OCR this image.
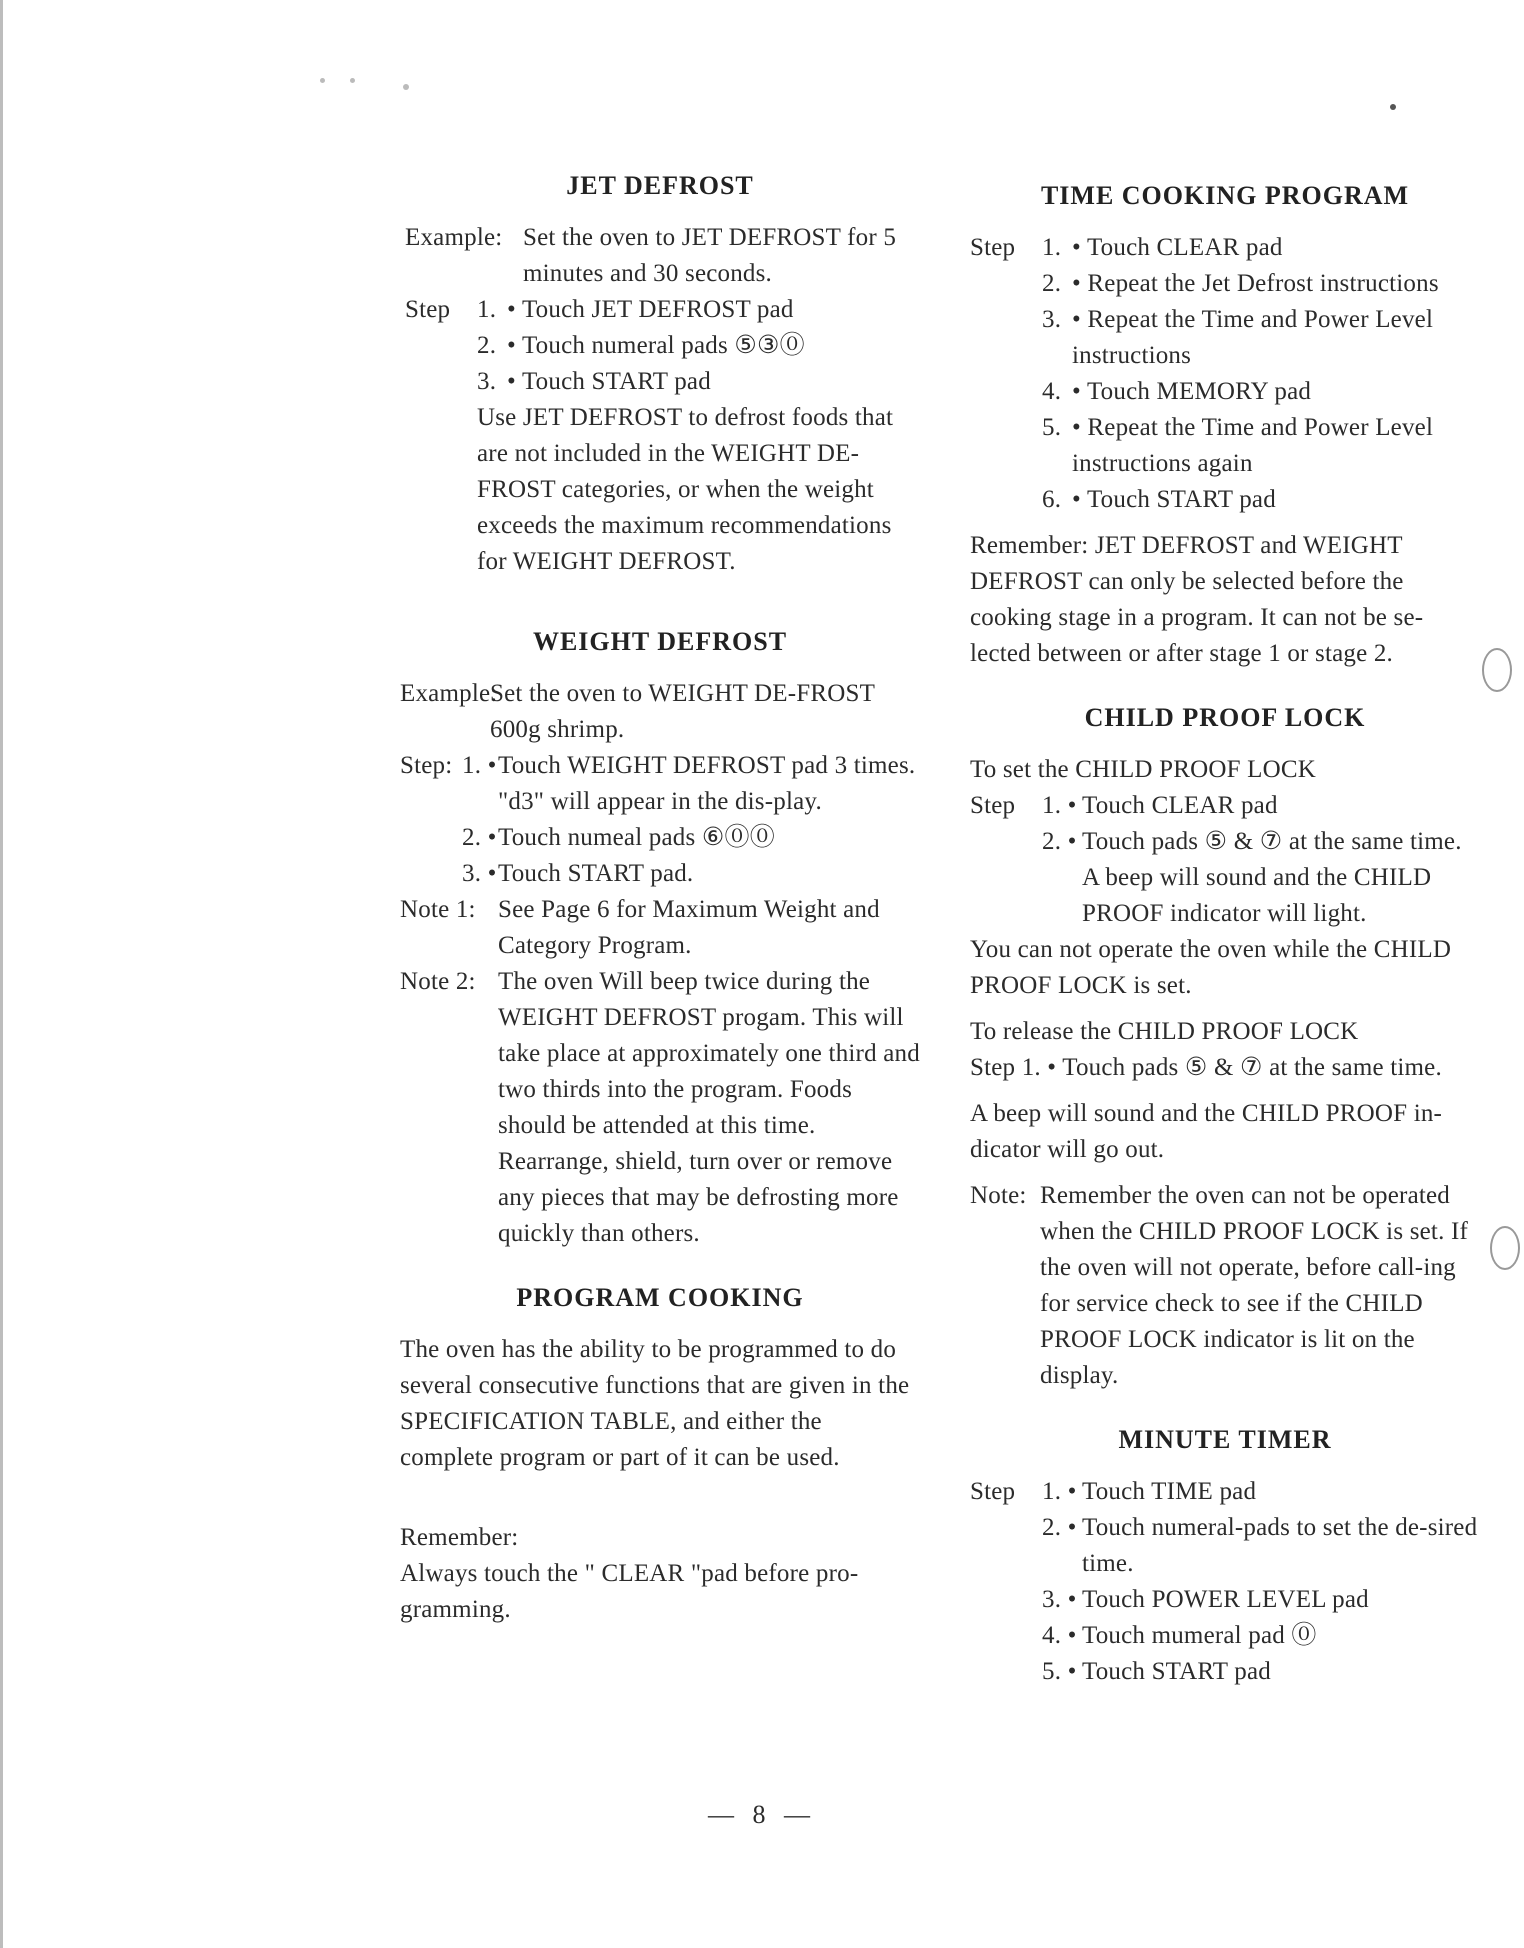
JET DEFROST
Example: Set the oven to JET DEFROST for 5 minutes and 30 seconds.
Step	1. • Touch JET DEFROST pad
2. • Touch numeral pads ⑤③⓪
3. • Touch START pad

Use JET DEFROST to defrost foods that are not included in the WEIGHT DE-FROST categories, or when the weight exceeds the maximum recommendations for WEIGHT DEFROST.

WEIGHT DEFROST
Example:
Set the oven to WEIGHT DE-FROST 600g shrimp.
Step: 1. • Touch WEIGHT DEFROST pad 3 times. "d3" will appear in the dis-play.
2. • Touch numeal pads ⑥⓪⓪
3. • Touch START pad.
Note 1: See Page 6 for Maximum Weight and Category Program.
Note 2: The oven Will beep twice during the WEIGHT DEFROST progam. This will take place at approximately one third and two thirds into the program. Foods should be attended at this time. Rearrange, shield, turn over or remove any pieces that may be defrosting more quickly than others.
PROGRAM COOKING

The oven has the ability to be programmed to do several consecutive functions that are given in the SPECIFICATION TABLE, and either the complete program or part of it can be used.

Remember:

Always touch the " CLEAR "pad before pro-gramming.

TIME COOKING PROGRAM
Step	1. • Touch CLEAR pad
2. • Repeat the Jet Defrost instructions
3. • Repeat the Time and Power Level instructions
4. • Touch MEMORY pad
5. • Repeat the Time and Power Level instructions again
6. • Touch START pad

Remember: JET DEFROST and WEIGHT DEFROST can only be selected before the cooking stage in a program. It can not be se-lected between or after stage 1 or stage 2.

CHILD PROOF LOCK

To set the CHILD PROOF LOCK

Step	1. • Touch CLEAR pad
2. • Touch pads ⑤ & ⑦ at the same time. A beep will sound and the CHILD PROOF indicator will light.

You can not operate the oven while the CHILD PROOF LOCK is set.

To release the CHILD PROOF LOCK

Step 1. • Touch pads ⑤ & ⑦ at the same time.

A beep will sound and the CHILD PROOF in-dicator will go out.

Note: Remember the oven can not be operated when the CHILD PROOF LOCK is set. If the oven will not operate, before call-ing for service check to see if the CHILD PROOF LOCK indicator is lit on the display.
MINUTE TIMER
Step	1. • Touch TIME pad
2. • Touch numeral-pads to set the de-sired time.
3. • Touch POWER LEVEL pad
4. • Touch mumeral pad ⓪
5. • Touch START pad
— 8 —
